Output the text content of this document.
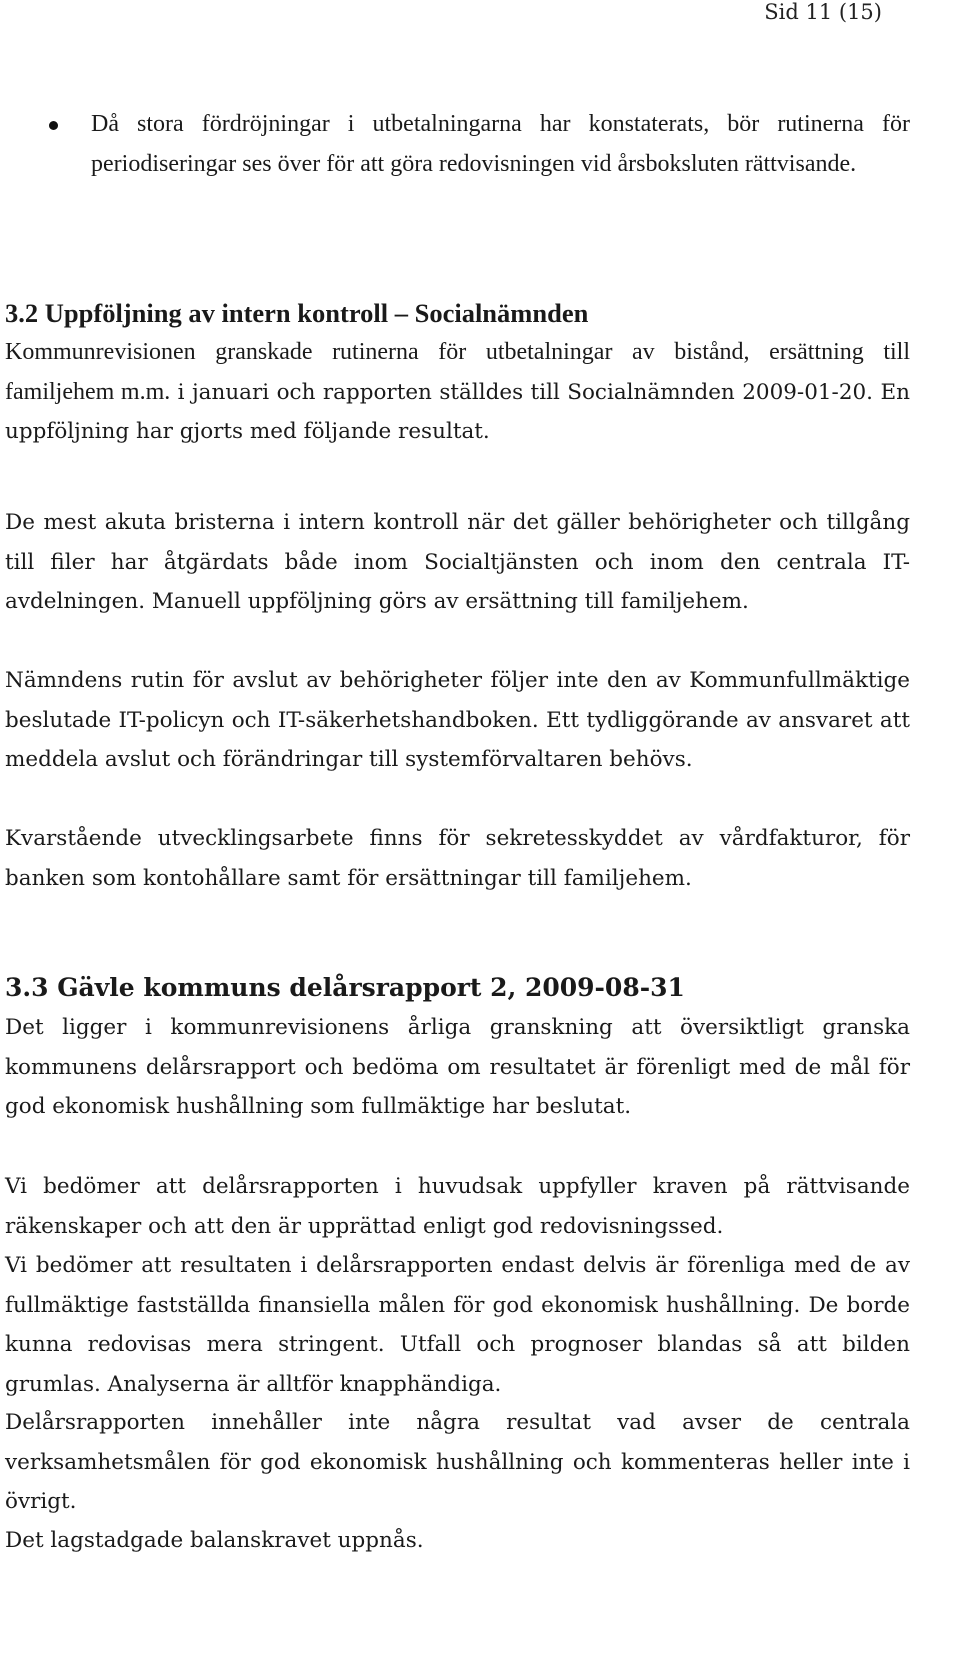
Sid 11 (15)
Då stora fördröjningar i utbetalningarna har konstaterats, bör rutinerna för periodiseringar ses över för att göra redovisningen vid årsboksluten rättvisande.
3.2 Uppföljning av intern kontroll – Socialnämnden

Kommunrevisionen granskade rutinerna för utbetalningar av bistånd, ersättning till familjehem m.m. i januari och rapporten ställdes till Socialnämnden 2009-01-20. En uppföljning har gjorts med följande resultat.

De mest akuta bristerna i intern kontroll när det gäller behörigheter och tillgång till filer har åtgärdats både inom Socialtjänsten och inom den centrala IT-avdelningen. Manuell uppföljning görs av ersättning till familjehem.

Nämndens rutin för avslut av behörigheter följer inte den av Kommunfullmäktige beslutade IT-policyn och IT-säkerhetshandboken. Ett tydliggörande av ansvaret att meddela avslut och förändringar till systemförvaltaren behövs.

Kvarstående utvecklingsarbete finns för sekretesskyddet av vårdfakturor, för banken som kontohållare samt för ersättningar till familjehem.

3.3 Gävle kommuns delårsrapport 2, 2009-08-31

Det ligger i kommunrevisionens årliga granskning att översiktligt granska kommunens delårsrapport och bedöma om resultatet är förenligt med de mål för god ekonomisk hushållning som fullmäktige har beslutat.

Vi bedömer att delårsrapporten i huvudsak uppfyller kraven på rättvisande räkenskaper och att den är upprättad enligt god redovisningssed.

Vi bedömer att resultaten i delårsrapporten endast delvis är förenliga med de av fullmäktige fastställda finansiella målen för god ekonomisk hushållning. De borde kunna redovisas mera stringent. Utfall och prognoser blandas så att bilden grumlas. Analyserna är alltför knapphändiga.

Delårsrapporten innehåller inte några resultat vad avser de centrala verksamhetsmålen för god ekonomisk hushållning och kommenteras heller inte i övrigt.

Det lagstadgade balanskravet uppnås.
